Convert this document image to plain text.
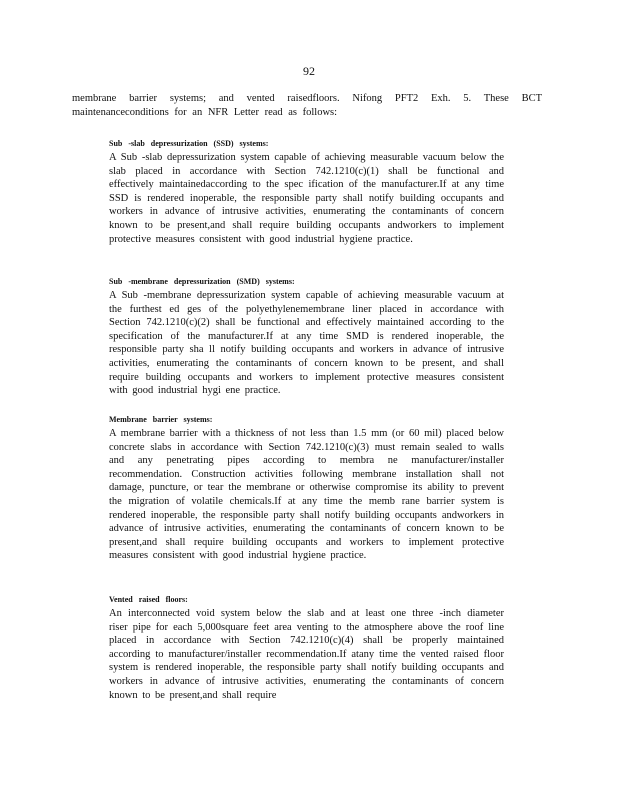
92

membrane barrier systems; and vented raisedfloors. Nifong PFT2 Exh. 5. These BCT maintenanceconditions for an NFR Letter read as follows:

Sub -slab depressurization (SSD) systems:
A Sub -slab depressurization system capable of achieving measurable vacuum below the slab placed in accordance with Section 742.1210(c)(1) shall be functional and effectively maintainedaccording to the spec ification of the manufacturer.If at any time SSD is rendered inoperable, the responsible party shall notify building occupants and workers in advance of intrusive activities, enumerating the contaminants of concern known to be present,and shall require building occupants andworkers to implement protective measures consistent with good industrial hygiene practice.
Sub -membrane depressurization (SMD) systems:
A Sub -membrane depressurization system capable of achieving measurable vacuum at the furthest ed ges of the polyethylenemembrane liner placed in accordance with Section 742.1210(c)(2) shall be functional and effectively maintained according to the specification of the manufacturer.If at any time SMD is rendered inoperable, the responsible party sha ll notify building occupants and workers in advance of intrusive activities, enumerating the contaminants of concern known to be present, and shall require building occupants and workers to implement protective measures consistent with good industrial hygi ene practice.
Membrane barrier systems:
A membrane barrier with a thickness of not less than 1.5 mm (or 60 mil) placed below concrete slabs in accordance with Section 742.1210(c)(3) must remain sealed to walls and any penetrating pipes according to membra ne manufacturer/installer recommendation. Construction activities following membrane installation shall not damage, puncture, or tear the membrane or otherwise compromise its ability to prevent the migration of volatile chemicals.If at any time the memb rane barrier system is rendered inoperable, the responsible party shall notify building occupants andworkers in advance of intrusive activities, enumerating the contaminants of concern known to be present,and shall require building occupants and workers to implement protective measures consistent with good industrial hygiene practice.
Vented raised floors:
An interconnected void system below the slab and at least one three -inch diameter riser pipe for each 5,000square feet area venting to the atmosphere above the roof line placed in accordance with Section 742.1210(c)(4) shall be properly maintained according to manufacturer/installer recommendation.If atany time the vented raised floor system is rendered inoperable, the responsible party shall notify building occupants and workers in advance of intrusive activities, enumerating the contaminants of concern known to be present,and shall require
